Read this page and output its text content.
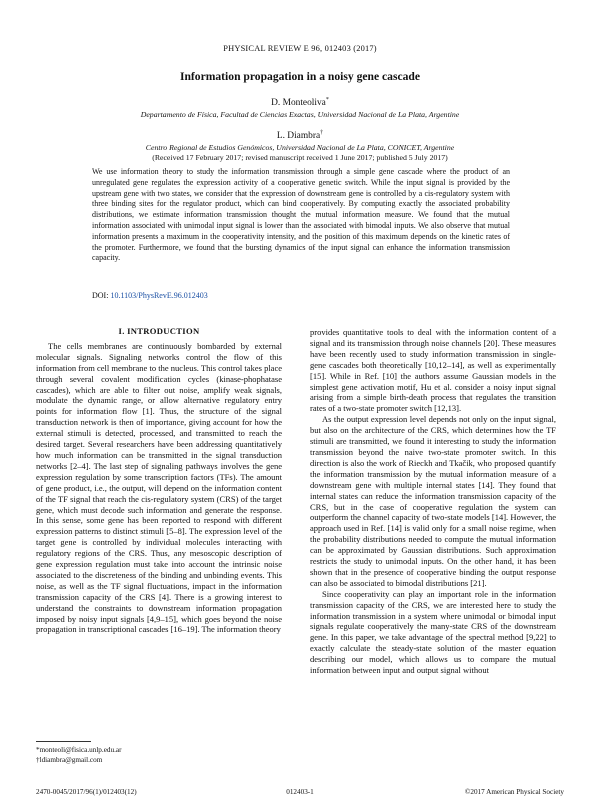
PHYSICAL REVIEW E 96, 012403 (2017)
Information propagation in a noisy gene cascade
D. Monteoliva*
Departamento de Física, Facultad de Ciencias Exactas, Universidad Nacional de La Plata, Argentine
L. Diambra†
Centro Regional de Estudios Genómicos, Universidad Nacional de La Plata, CONICET, Argentine
(Received 17 February 2017; revised manuscript received 1 June 2017; published 5 July 2017)
We use information theory to study the information transmission through a simple gene cascade where the product of an unregulated gene regulates the expression activity of a cooperative genetic switch. While the input signal is provided by the upstream gene with two states, we consider that the expression of downstream gene is controlled by a cis-regulatory system with three binding sites for the regulator product, which can bind cooperatively. By computing exactly the associated probability distributions, we estimate information transmission thought the mutual information measure. We found that the mutual information associated with unimodal input signal is lower than the associated with bimodal inputs. We also observe that mutual information presents a maximum in the cooperativity intensity, and the position of this maximum depends on the kinetic rates of the promoter. Furthermore, we found that the bursting dynamics of the input signal can enhance the information transmission capacity.
DOI: 10.1103/PhysRevE.96.012403
I. INTRODUCTION

The cells membranes are continuously bombarded by external molecular signals. Signaling networks control the flow of this information from cell membrane to the nucleus. This control takes place through several covalent modification cycles (kinase-phophatase cascades), which are able to filter out noise, amplify weak signals, modulate the dynamic range, or allow alternative regulatory entry points for information flow [1]. Thus, the structure of the signal transduction network is then of importance, giving account for how the external stimuli is detected, processed, and transmitted to reach the desired target. Several researchers have been addressing quantitatively how much information can be transmitted in the signal transduction networks [2–4]. The last step of signaling pathways involves the gene expression regulation by some transcription factors (TFs). The amount of gene product, i.e., the output, will depend on the information content of the TF signal that reach the cis-regulatory system (CRS) of the target gene, which must decode such information and generate the response. In this sense, some gene has been reported to respond with different expression patterns to distinct stimuli [5–8]. The expression level of the target gene is controlled by individual molecules interacting with regulatory regions of the CRS. Thus, any mesoscopic description of gene expression regulation must take into account the intrinsic noise associated to the discreteness of the binding and unbinding events. This noise, as well as the TF signal fluctuations, impact in the information transmission capacity of the CRS [4]. There is a growing interest to understand the constraints to downstream information propagation imposed by noisy input signals [4,9–15], which goes beyond the noise propagation in transcriptional cascades [16–19]. The information theory

provides quantitative tools to deal with the information content of a signal and its transmission through noise channels [20]. These measures have been recently used to study information transmission in single-gene cascades both theoretically [10,12–14], as well as experimentally [15]. While in Ref. [10] the authors assume Gaussian models in the simplest gene activation motif, Hu et al. consider a noisy input signal arising from a simple birth-death process that regulates the transition rates of a two-state promoter switch [12,13].

As the output expression level depends not only on the input signal, but also on the architecture of the CRS, which determines how the TF stimuli are transmitted, we found it interesting to study the information transmission beyond the naive two-state promoter switch. In this direction is also the work of Rieckh and Tkačik, who proposed quantify the information transmission by the mutual information measure of a downstream gene with multiple internal states [14]. They found that internal states can reduce the information transmission capacity of the CRS, but in the case of cooperative regulation the system can outperform the channel capacity of two-state models [14]. However, the approach used in Ref. [14] is valid only for a small noise regime, when the probability distributions needed to compute the mutual information can be approximated by Gaussian distributions. Such approximation restricts the study to unimodal inputs. On the other hand, it has been shown that in the presence of cooperative binding the output response can also be associated to bimodal distributions [21].

Since cooperativity can play an important role in the information transmission capacity of the CRS, we are interested here to study the information transmission in a system where unimodal or bimodal input signals regulate cooperatively the many-state CRS of the downstream gene. In this paper, we take advantage of the spectral method [9,22] to exactly calculate the steady-state solution of the master equation describing our model, which allows us to compare the mutual information between input and output signal without

*monteoli@fisica.unlp.edu.ar
†ldiambra@gmail.com
2470-0045/2017/96(1)/012403(12)	012403-1	©2017 American Physical Society
